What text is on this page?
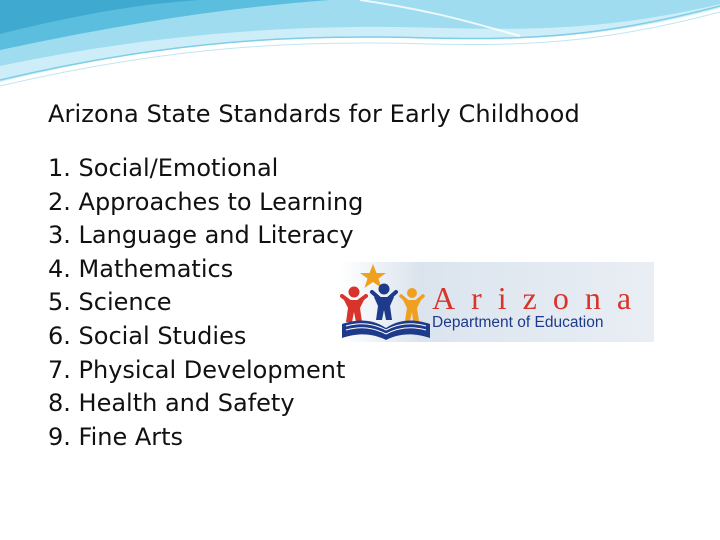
Arizona State Standards for Early Childhood
1. Social/Emotional
2. Approaches to Learning
3. Language and Literacy
4. Mathematics
5. Science
6. Social Studies
7. Physical Development
8. Health and Safety
9. Fine Arts
Arizona
Department of Education
